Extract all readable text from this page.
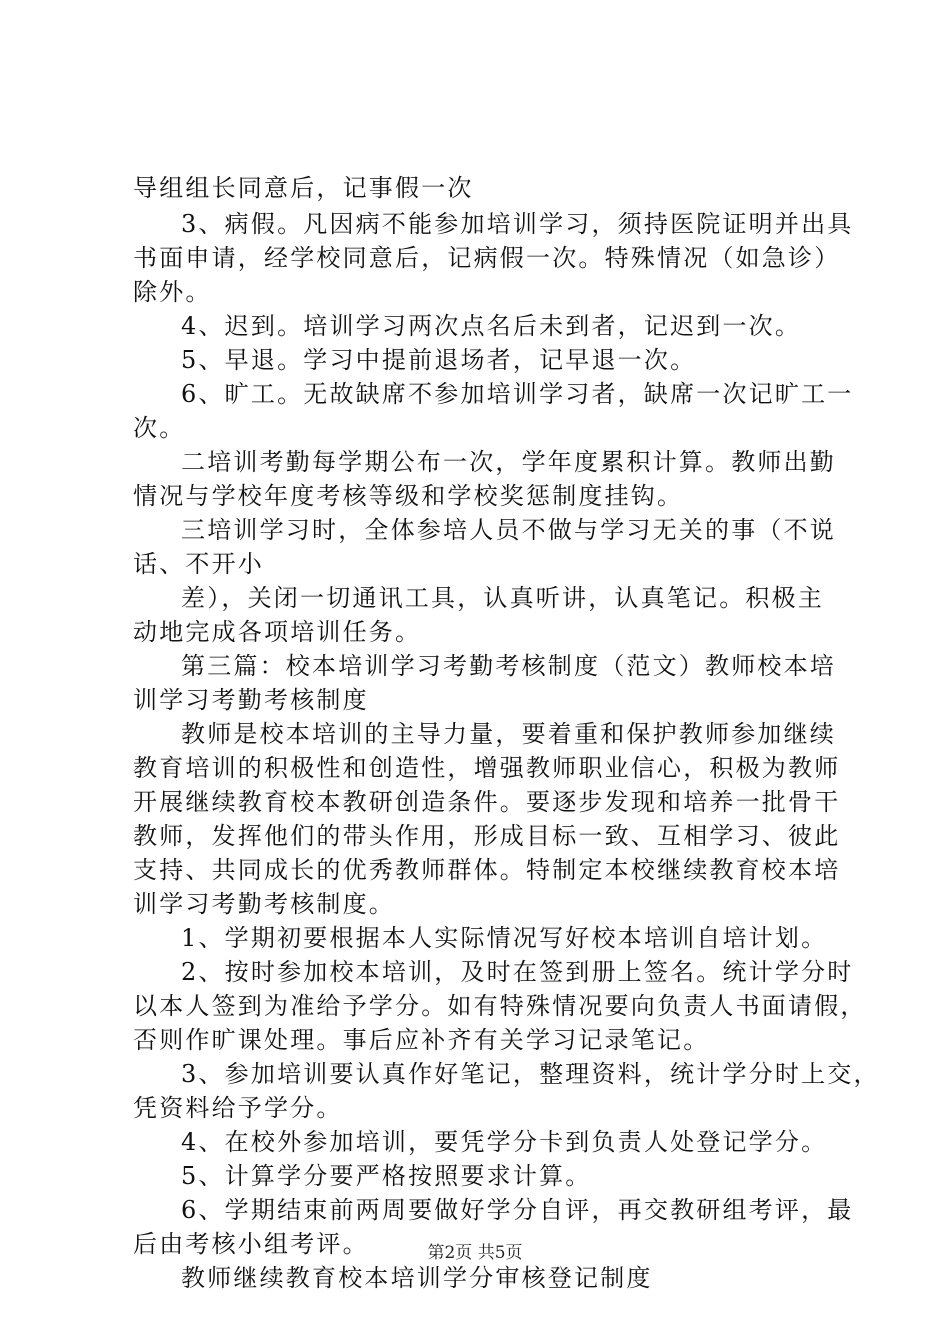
导组组长同意后，记事假一次
3、病假。凡因病不能参加培训学习，须持医院证明并出具
书面申请，经学校同意后，记病假一次。特殊情况（如急诊）
除外。
4、迟到。培训学习两次点名后未到者，记迟到一次。
5、早退。学习中提前退场者，记早退一次。
6、旷工。无故缺席不参加培训学习者，缺席一次记旷工一
次。
二培训考勤每学期公布一次，学年度累积计算。教师出勤
情况与学校年度考核等级和学校奖惩制度挂钩。
三培训学习时，全体参培人员不做与学习无关的事（不说
话、不开小
差），关闭一切通讯工具，认真听讲，认真笔记。积极主
动地完成各项培训任务。
第三篇：校本培训学习考勤考核制度（范文）教师校本培
训学习考勤考核制度
教师是校本培训的主导力量，要着重和保护教师参加继续
教育培训的积极性和创造性，增强教师职业信心，积极为教师
开展继续教育校本教研创造条件。要逐步发现和培养一批骨干
教师，发挥他们的带头作用，形成目标一致、互相学习、彼此
支持、共同成长的优秀教师群体。特制定本校继续教育校本培
训学习考勤考核制度。
1、学期初要根据本人实际情况写好校本培训自培计划。
2、按时参加校本培训，及时在签到册上签名。统计学分时
以本人签到为准给予学分。如有特殊情况要向负责人书面请假，
否则作旷课处理。事后应补齐有关学习记录笔记。
3、参加培训要认真作好笔记，整理资料，统计学分时上交，
凭资料给予学分。
4、在校外参加培训，要凭学分卡到负责人处登记学分。
5、计算学分要严格按照要求计算。
6、学期结束前两周要做好学分自评，再交教研组考评，最
后由考核小组考评。
教师继续教育校本培训学分审核登记制度
第2页 共5页
